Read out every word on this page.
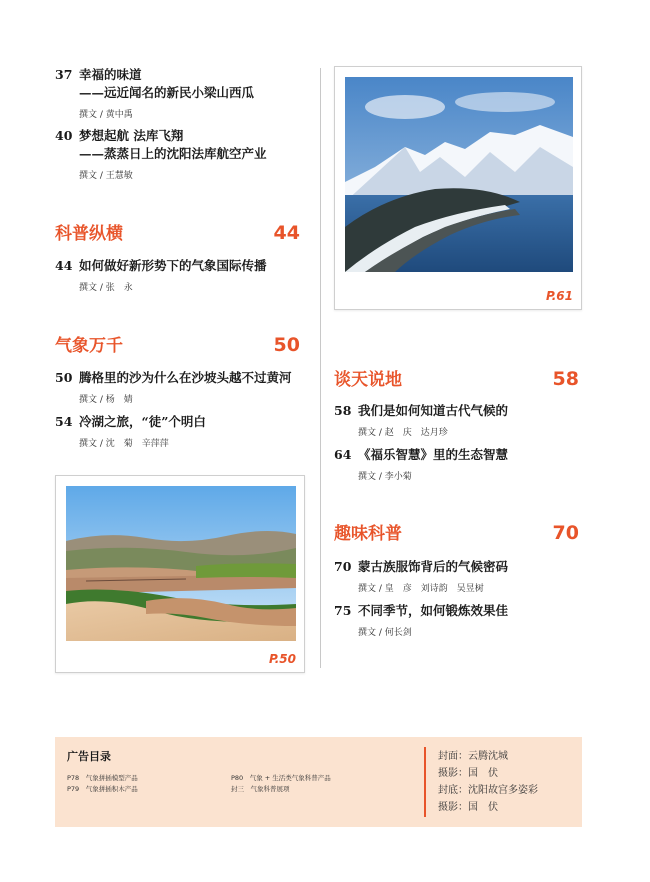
37 幸福的味道
——远近闻名的新民小梁山西瓜
撰文 / 黄中禹
40 梦想起航 法库飞翔
——蒸蒸日上的沈阳法库航空产业
撰文 / 王慧敏
科普纵横	44
44 如何做好新形势下的气象国际传播
撰文 / 张　永
气象万千	50
50 腾格里的沙为什么在沙坡头越不过黄河
撰文 / 杨　婧
54 冷湖之旅，“徒”个明白
撰文 / 沈　菊　辛萍萍
P.50
P.61
谈天说地	58
58 我们是如何知道古代气候的
撰文 / 赵　庆　达月珍
64 《福乐智慧》里的生态智慧
撰文 / 李小菊
趣味科普	70
70 蒙古族服饰背后的气候密码
撰文 / 皇　彦　刘诗韵　吴昱树
75 不同季节，如何锻炼效果佳
撰文 / 何长剑
广告目录
P78　气象拼插模型产品
P79　气象拼插积木产品
P80　气象 + 生活类气象科普产品
封三　气象科普展项
封面：云腾沈城
摄影：国　伏
封底：沈阳故宫多姿彩
摄影：国　伏
